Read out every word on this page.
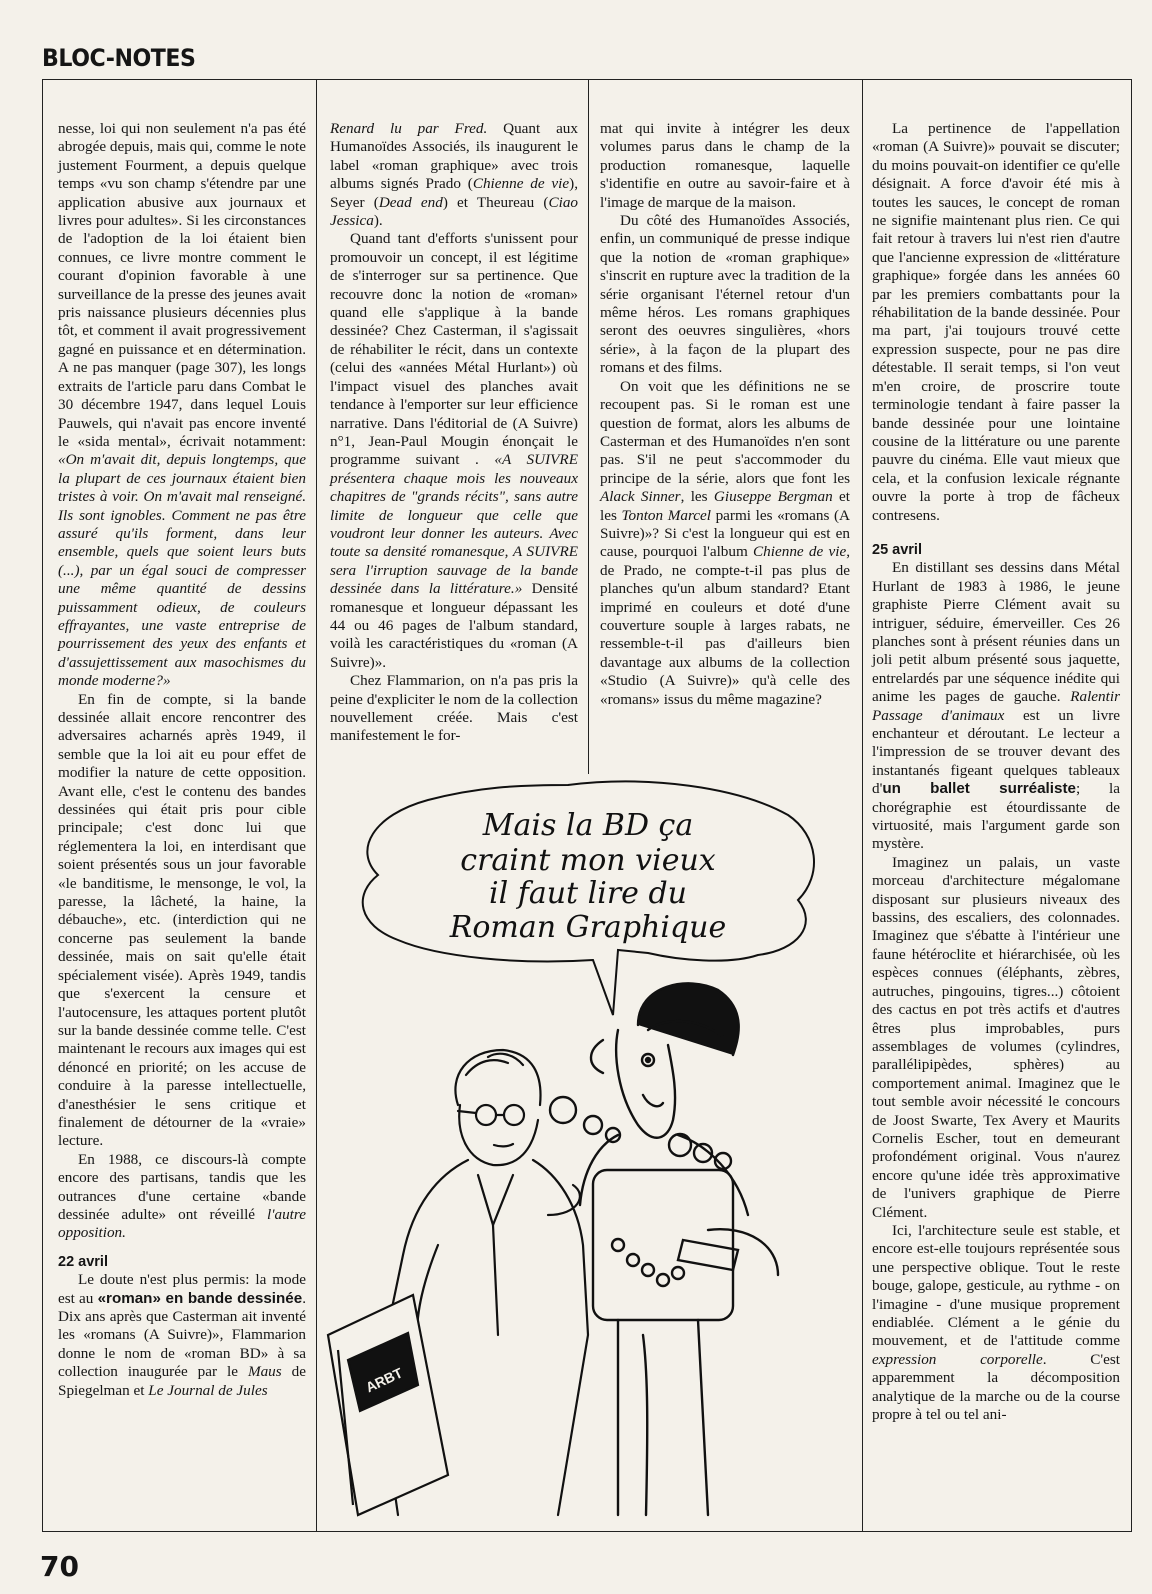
BLOC-NOTES

nesse, loi qui non seulement n'a pas été abrogée depuis, mais qui, comme le note justement Fourment, a depuis quelque temps «vu son champ s'étendre par une application abusive aux journaux et livres pour adultes». Si les circonstances de l'adoption de la loi étaient bien connues, ce livre montre comment le courant d'opinion favorable à une surveillance de la presse des jeunes avait pris naissance plusieurs décennies plus tôt, et comment il avait progressivement gagné en puissance et en détermination. A ne pas manquer (page 307), les longs extraits de l'article paru dans Combat le 30 décembre 1947, dans lequel Louis Pauwels, qui n'avait pas encore inventé le «sida mental», écrivait notamment: «On m'avait dit, depuis longtemps, que la plupart de ces journaux étaient bien tristes à voir. On m'avait mal renseigné. Ils sont ignobles. Comment ne pas être assuré qu'ils forment, dans leur ensemble, quels que soient leurs buts (...), par un égal souci de compresser une même quantité de dessins puissamment odieux, de couleurs effrayantes, une vaste entreprise de pourrissement des yeux des enfants et d'assujettissement aux masochismes du monde moderne?»

En fin de compte, si la bande dessinée allait encore rencontrer des adversaires acharnés après 1949, il semble que la loi ait eu pour effet de modifier la nature de cette opposition. Avant elle, c'est le contenu des bandes dessinées qui était pris pour cible principale; c'est donc lui que réglementera la loi, en interdisant que soient présentés sous un jour favorable «le banditisme, le mensonge, le vol, la paresse, la lâcheté, la haine, la débauche», etc. (interdiction qui ne concerne pas seulement la bande dessinée, mais on sait qu'elle était spécialement visée). Après 1949, tandis que s'exercent la censure et l'autocensure, les attaques portent plutôt sur la bande dessinée comme telle. C'est maintenant le recours aux images qui est dénoncé en priorité; on les accuse de conduire à la paresse intellectuelle, d'anesthésier le sens critique et finalement de détourner de la «vraie» lecture.

En 1988, ce discours-là compte encore des partisans, tandis que les outrances d'une certaine «bande dessinée adulte» ont réveillé l'autre opposition.

22 avril

Le doute n'est plus permis: la mode est au «roman» en bande dessinée. Dix ans après que Casterman ait inventé les «romans (A Suivre)», Flammarion donne le nom de «roman BD» à sa collection inaugurée par le Maus de Spiegelman et Le Journal de Jules

Renard lu par Fred. Quant aux Humanoïdes Associés, ils inaugurent le label «roman graphique» avec trois albums signés Prado (Chienne de vie), Seyer (Dead end) et Theureau (Ciao Jessica).

Quand tant d'efforts s'unissent pour promouvoir un concept, il est légitime de s'interroger sur sa pertinence. Que recouvre donc la notion de «roman» quand elle s'applique à la bande dessinée? Chez Casterman, il s'agissait de réhabiliter le récit, dans un contexte (celui des «années Métal Hurlant») où l'impact visuel des planches avait tendance à l'emporter sur leur efficience narrative. Dans l'éditorial de (A Suivre) n°1, Jean-Paul Mougin énonçait le programme suivant . «A SUIVRE présentera chaque mois les nouveaux chapitres de "grands récits", sans autre limite de longueur que celle que voudront leur donner les auteurs. Avec toute sa densité romanesque, A SUIVRE sera l'irruption sauvage de la bande dessinée dans la littérature.» Densité romanesque et longueur dépassant les 44 ou 46 pages de l'album standard, voilà les caractéristiques du «roman (A Suivre)».

Chez Flammarion, on n'a pas pris la peine d'expliciter le nom de la collection nouvellement créée. Mais c'est manifestement le for-

mat qui invite à intégrer les deux volumes parus dans le champ de la production romanesque, laquelle s'identifie en outre au savoir-faire et à l'image de marque de la maison.

Du côté des Humanoïdes Associés, enfin, un communiqué de presse indique que la notion de «roman graphique» s'inscrit en rupture avec la tradition de la série organisant l'éternel retour d'un même héros. Les romans graphiques seront des oeuvres singulières, «hors série», à la façon de la plupart des romans et des films.

On voit que les définitions ne se recoupent pas. Si le roman est une question de format, alors les albums de Casterman et des Humanoïdes n'en sont pas. S'il ne peut s'accommoder du principe de la série, alors que font les Alack Sinner, les Giuseppe Bergman et les Tonton Marcel parmi les «romans (A Suivre)»? Si c'est la longueur qui est en cause, pourquoi l'album Chienne de vie, de Prado, ne compte-t-il pas plus de planches qu'un album standard? Etant imprimé en couleurs et doté d'une couverture souple à larges rabats, ne ressemble-t-il pas d'ailleurs bien davantage aux albums de la collection «Studio (A Suivre)» qu'à celle des «romans» issus du même magazine?

La pertinence de l'appellation «roman (A Suivre)» pouvait se discuter; du moins pouvait-on identifier ce qu'elle désignait. A force d'avoir été mis à toutes les sauces, le concept de roman ne signifie maintenant plus rien. Ce qui fait retour à travers lui n'est rien d'autre que l'ancienne expression de «littérature graphique» forgée dans les années 60 par les premiers combattants pour la réhabilitation de la bande dessinée. Pour ma part, j'ai toujours trouvé cette expression suspecte, pour ne pas dire détestable. Il serait temps, si l'on veut m'en croire, de proscrire toute terminologie tendant à faire passer la bande dessinée pour une lointaine cousine de la littérature ou une parente pauvre du cinéma. Elle vaut mieux que cela, et la confusion lexicale régnante ouvre la porte à trop de fâcheux contresens.

25 avril

En distillant ses dessins dans Métal Hurlant de 1983 à 1986, le jeune graphiste Pierre Clément avait su intriguer, séduire, émerveiller. Ces 26 planches sont à présent réunies dans un joli petit album présenté sous jaquette, entrelardés par une séquence inédite qui anime les pages de gauche. Ralentir Passage d'animaux est un livre enchanteur et déroutant. Le lecteur a l'impression de se trouver devant des instantanés figeant quelques tableaux d'un ballet surréaliste; la chorégraphie est étourdissante de virtuosité, mais l'argument garde son mystère.

Imaginez un palais, un vaste morceau d'architecture mégalomane disposant sur plusieurs niveaux des bassins, des escaliers, des colonnades. Imaginez que s'ébatte à l'intérieur une faune hétéroclite et hiérarchisée, où les espèces connues (éléphants, zèbres, autruches, pingouins, tigres...) côtoient des cactus en pot très actifs et d'autres êtres plus improbables, purs assemblages de volumes (cylindres, parallélipipèdes, sphères) au comportement animal. Imaginez que le tout semble avoir nécessité le concours de Joost Swarte, Tex Avery et Maurits Cornelis Escher, tout en demeurant profondément original. Vous n'aurez encore qu'une idée très approximative de l'univers graphique de Pierre Clément.

Ici, l'architecture seule est stable, et encore est-elle toujours représentée sous une perspective oblique. Tout le reste bouge, galope, gesticule, au rythme - on l'imagine - d'une musique proprement endiablée. Clément a le génie du mouvement, et de l'attitude comme expression corporelle. C'est apparemment la décomposition analytique de la marche ou de la course propre à tel ou tel ani-

Mais la BD ça
craint mon vieux
il faut lire du
Roman Graphique
ARBT
70
